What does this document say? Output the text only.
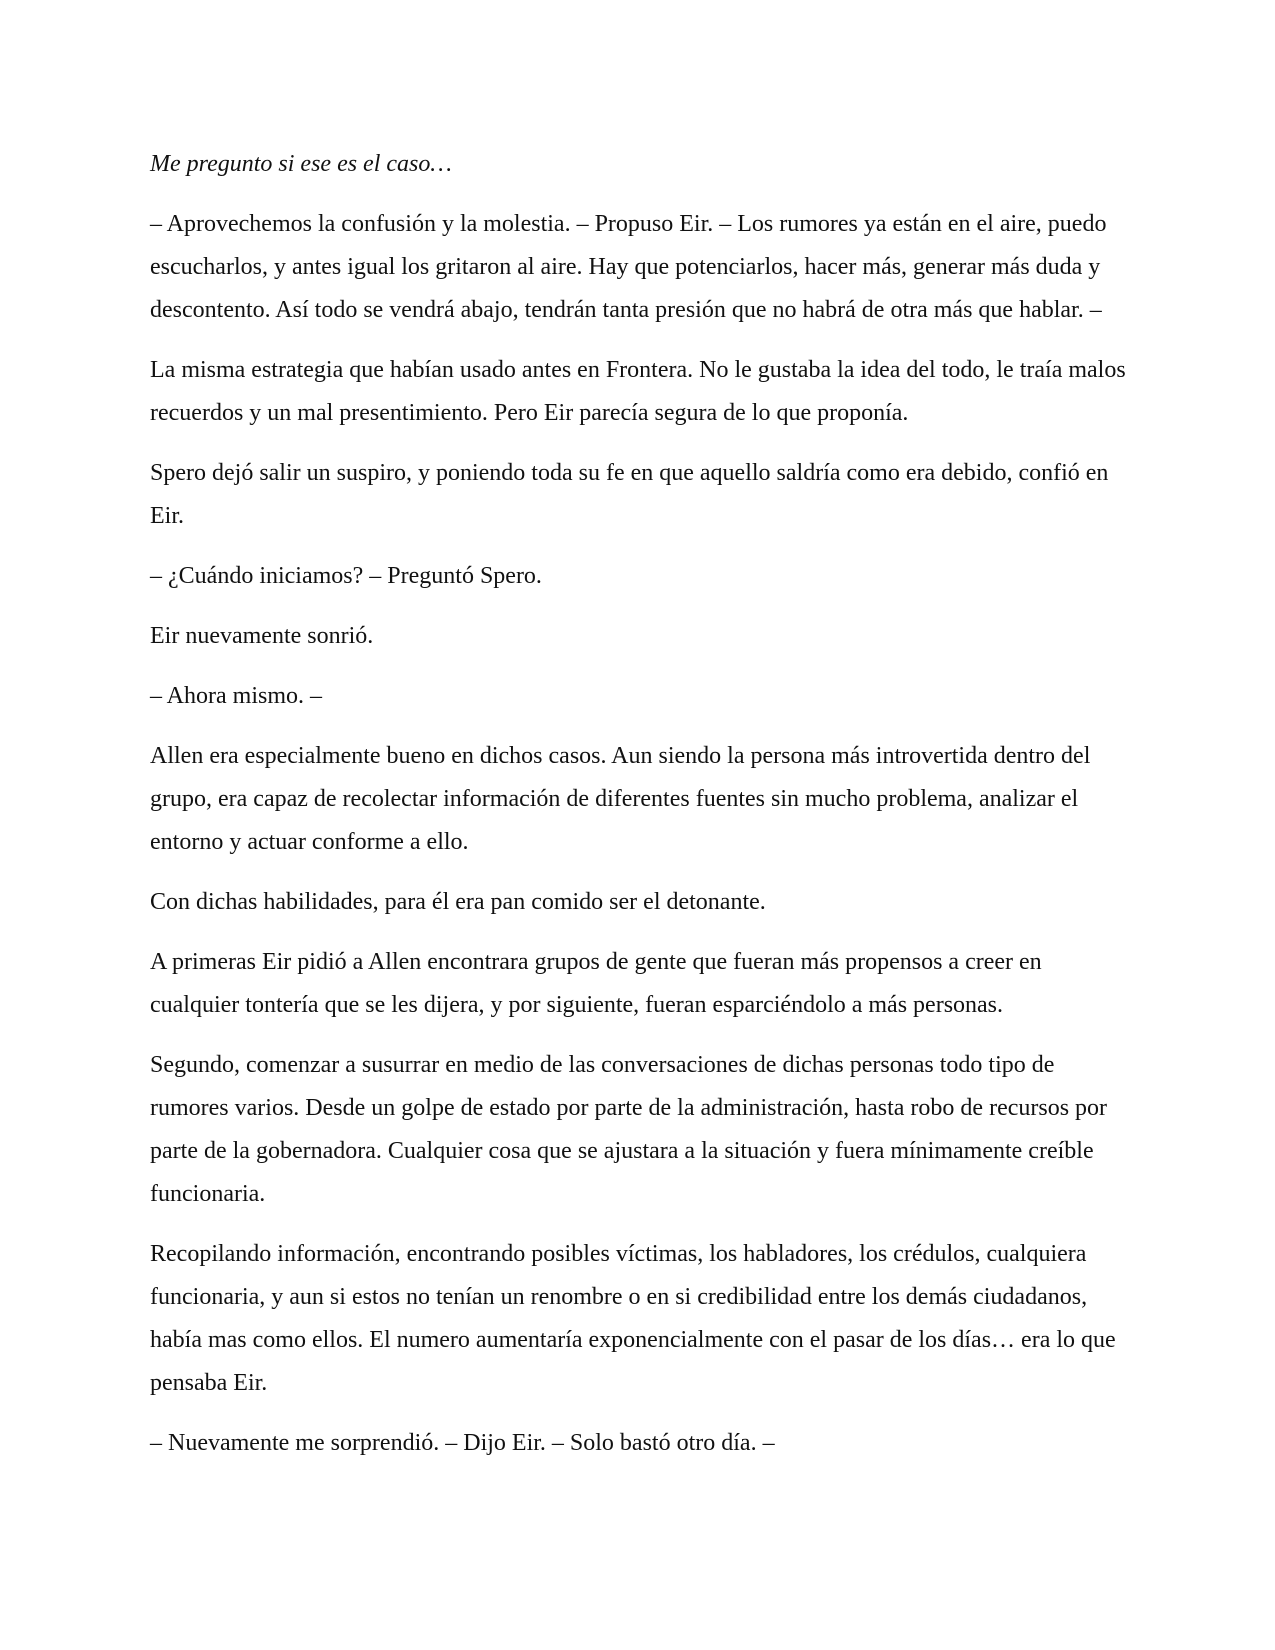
Me pregunto si ese es el caso…

– Aprovechemos la confusión y la molestia. – Propuso Eir. – Los rumores ya están en el aire, puedo escucharlos, y antes igual los gritaron al aire. Hay que potenciarlos, hacer más, generar más duda y descontento. Así todo se vendrá abajo, tendrán tanta presión que no habrá de otra más que hablar. –

La misma estrategia que habían usado antes en Frontera. No le gustaba la idea del todo, le traía malos recuerdos y un mal presentimiento. Pero Eir parecía segura de lo que proponía.

Spero dejó salir un suspiro, y poniendo toda su fe en que aquello saldría como era debido, confió en Eir.

– ¿Cuándo iniciamos? – Preguntó Spero.

Eir nuevamente sonrió.

– Ahora mismo. –

Allen era especialmente bueno en dichos casos. Aun siendo la persona más introvertida dentro del grupo, era capaz de recolectar información de diferentes fuentes sin mucho problema, analizar el entorno y actuar conforme a ello.

Con dichas habilidades, para él era pan comido ser el detonante.

A primeras Eir pidió a Allen encontrara grupos de gente que fueran más propensos a creer en cualquier tontería que se les dijera, y por siguiente, fueran esparciéndolo a más personas.

Segundo, comenzar a susurrar en medio de las conversaciones de dichas personas todo tipo de rumores varios. Desde un golpe de estado por parte de la administración, hasta robo de recursos por parte de la gobernadora. Cualquier cosa que se ajustara a la situación y fuera mínimamente creíble funcionaria.

Recopilando información, encontrando posibles víctimas, los habladores, los crédulos, cualquiera funcionaria, y aun si estos no tenían un renombre o en si credibilidad entre los demás ciudadanos, había mas como ellos. El numero aumentaría exponencialmente con el pasar de los días… era lo que pensaba Eir.

– Nuevamente me sorprendió. – Dijo Eir. – Solo bastó otro día. –
